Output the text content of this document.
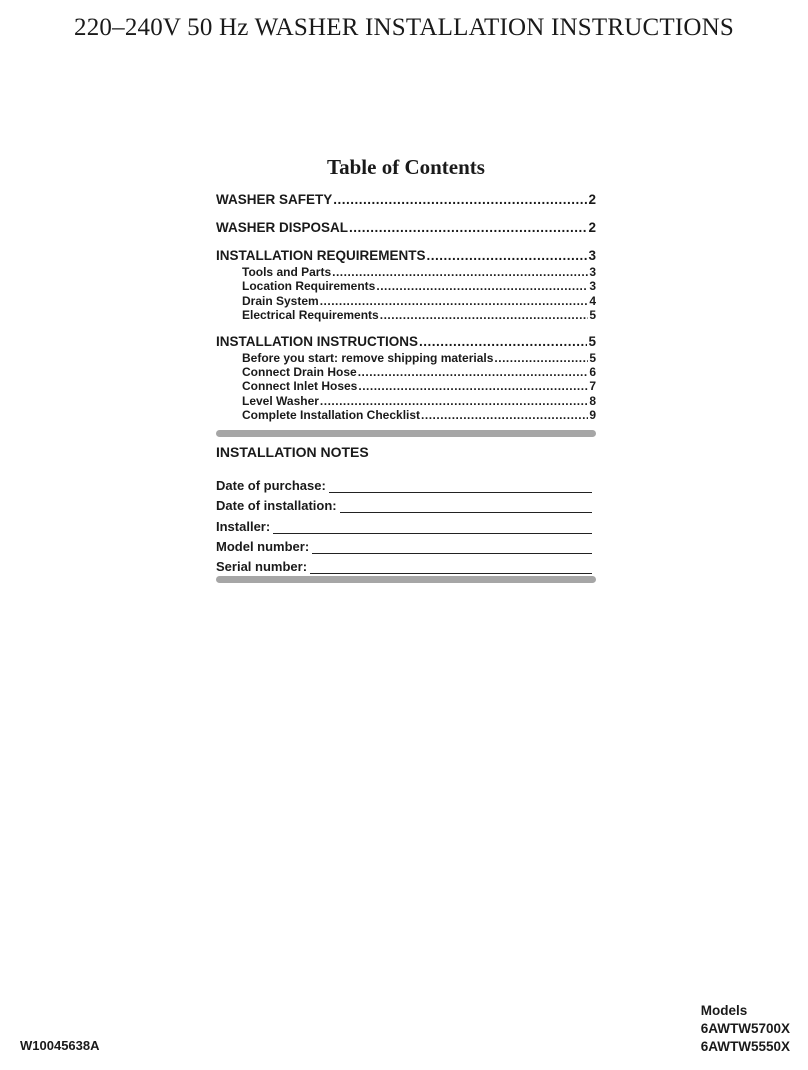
220–240V 50 Hz WASHER INSTALLATION INSTRUCTIONS
Table of Contents
WASHER SAFETY .....	2
WASHER DISPOSAL .....	2
INSTALLATION REQUIREMENTS .....	3
Tools and Parts .....	3
Location Requirements .....	3
Drain System .....	4
Electrical Requirements .....	5
INSTALLATION INSTRUCTIONS .....	5
Before you start: remove shipping materials .....	5
Connect Drain Hose .....	6
Connect Inlet Hoses .....	7
Level Washer .....	8
Complete Installation Checklist .....	9
INSTALLATION NOTES
Date of purchase:
Date of installation:
Installer:
Model number:
Serial number:
W10045638A
Models
6AWTW5700X
6AWTW5550X
